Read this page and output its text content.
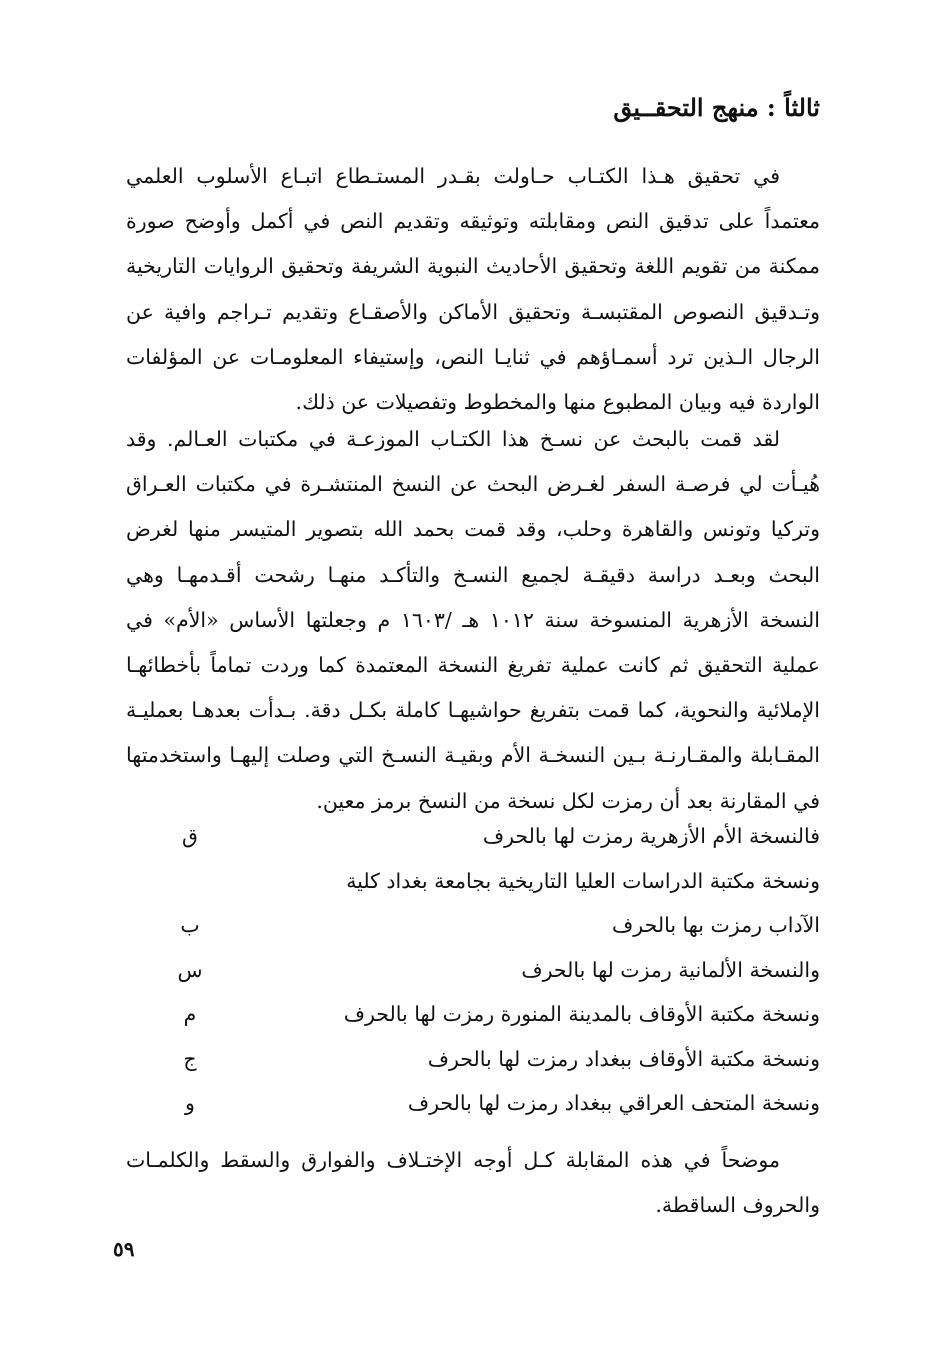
ثالثاً : منهج التحقــيق

في تحقيق هـذا الكتـاب حـاولت بقـدر المستـطاع اتبـاع الأسلوب العلمي معتمداً على تدقيق النص ومقابلته وتوثيقه وتقديم النص في أكمل وأوضح صورة ممكنة من تقويم اللغة وتحقيق الأحاديث النبوية الشريفة وتحقيق الروايات التاريخية وتـدقيق النصوص المقتبسـة وتحقيق الأماكن والأصقـاع وتقديم تـراجم وافية عن الرجال الـذين ترد أسمـاؤهم في ثنايـا النص، وإستيفاء المعلومـات عن المؤلفات الواردة فيه وبيان المطبوع منها والمخطوط وتفصيلات عن ذلك.

لقد قمت بالبحث عن نسـخ هذا الكتـاب الموزعـة في مكتبات العـالم. وقد هُيـأت لي فرصـة السفر لغـرض البحث عن النسخ المنتشـرة في مكتبات العـراق وتركيا وتونس والقاهرة وحلب، وقد قمت بحمد الله بتصوير المتيسر منها لغرض البحث وبعـد دراسة دقيقـة لجميع النسـخ والتأكـد منهـا رشحت أقـدمهـا وهي النسخة الأزهرية المنسوخة سنة ١٠١٢ هـ /١٦٠٣ م وجعلتها الأساس «الأم» في عملية التحقيق ثم كانت عملية تفريغ النسخة المعتمدة كما وردت تماماً بأخطائهـا الإملائية والنحوية، كما قمت بتفريغ حواشيهـا كاملة بكـل دقة. بـدأت بعدهـا بعمليـة المقـابلة والمقـارنـة بـين النسخـة الأم وبقيـة النسـخ التي وصلت إليهـا واستخدمتها في المقارنة بعد أن رمزت لكل نسخة من النسخ برمز معين.

فالنسخة الأم الأزهرية رمزت لها بالحرف
ق
ونسخة مكتبة الدراسات العليا التاريخية بجامعة بغداد كلية الآداب رمزت بها بالحرف
ب
والنسخة الألمانية رمزت لها بالحرف
س
ونسخة مكتبة الأوقاف بالمدينة المنورة رمزت لها بالحرف
م
ونسخة مكتبة الأوقاف ببغداد رمزت لها بالحرف
ج
ونسخة المتحف العراقي ببغداد رمزت لها بالحرف
و

موضحاً في هذه المقابلة كـل أوجه الإختـلاف والفوارق والسقط والكلمـات والحروف الساقطة.

٥٩
